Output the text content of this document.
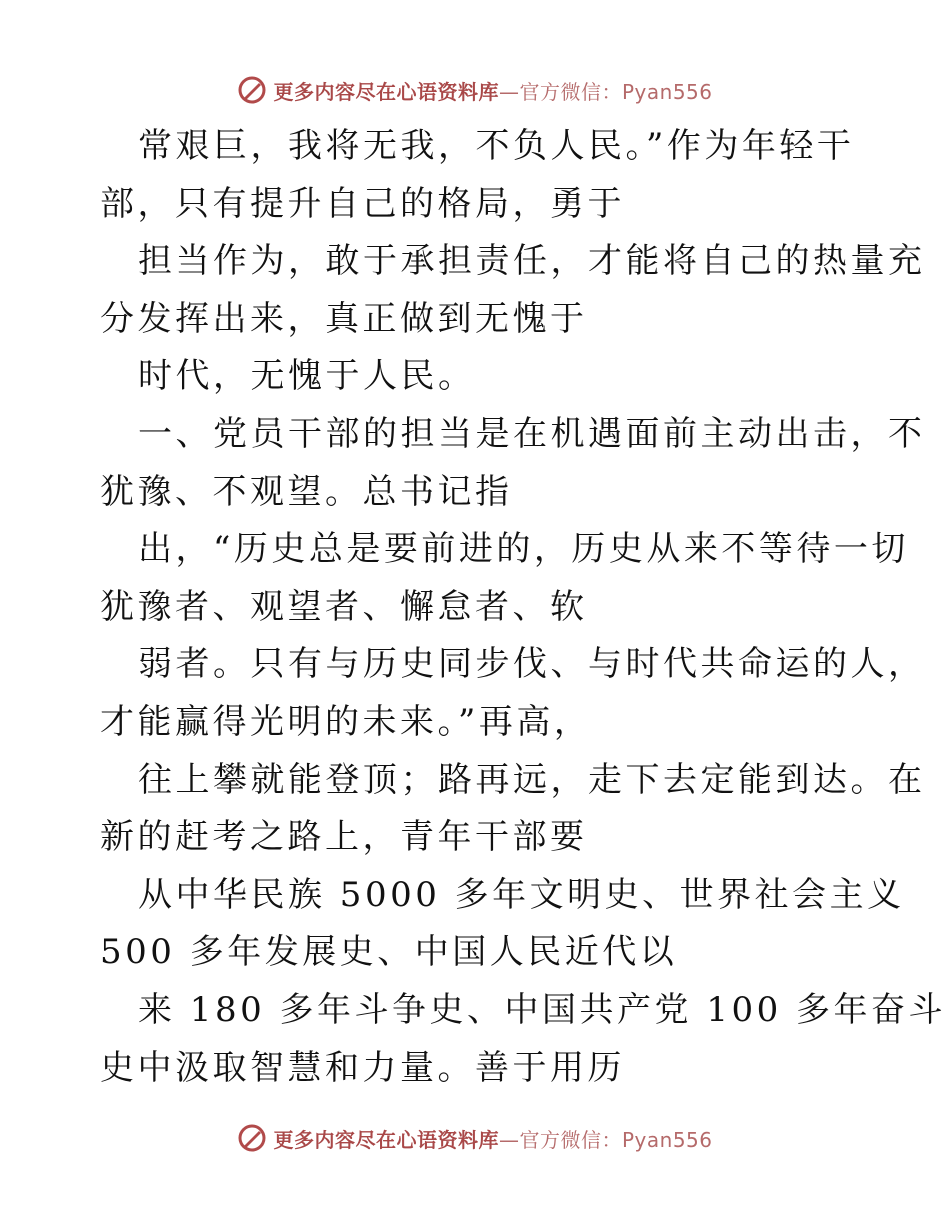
更多内容尽在心语资料库—官方微信：Pyan556
常艰巨，我将无我，不负人民。”作为年轻干
部，只有提升自己的格局，勇于
担当作为，敢于承担责任，才能将自己的热量充
分发挥出来，真正做到无愧于
时代，无愧于人民。
一、党员干部的担当是在机遇面前主动出击，不
犹豫、不观望。总书记指
出，“历史总是要前进的，历史从来不等待一切
犹豫者、观望者、懈怠者、软
弱者。只有与历史同步伐、与时代共命运的人，
才能赢得光明的未来。”再高，
往上攀就能登顶；路再远，走下去定能到达。在
新的赶考之路上，青年干部要
从中华民族 5000 多年文明史、世界社会主义
500 多年发展史、中国人民近代以
来 180 多年斗争史、中国共产党 100 多年奋斗
史中汲取智慧和力量。善于用历
更多内容尽在心语资料库—官方微信：Pyan556
